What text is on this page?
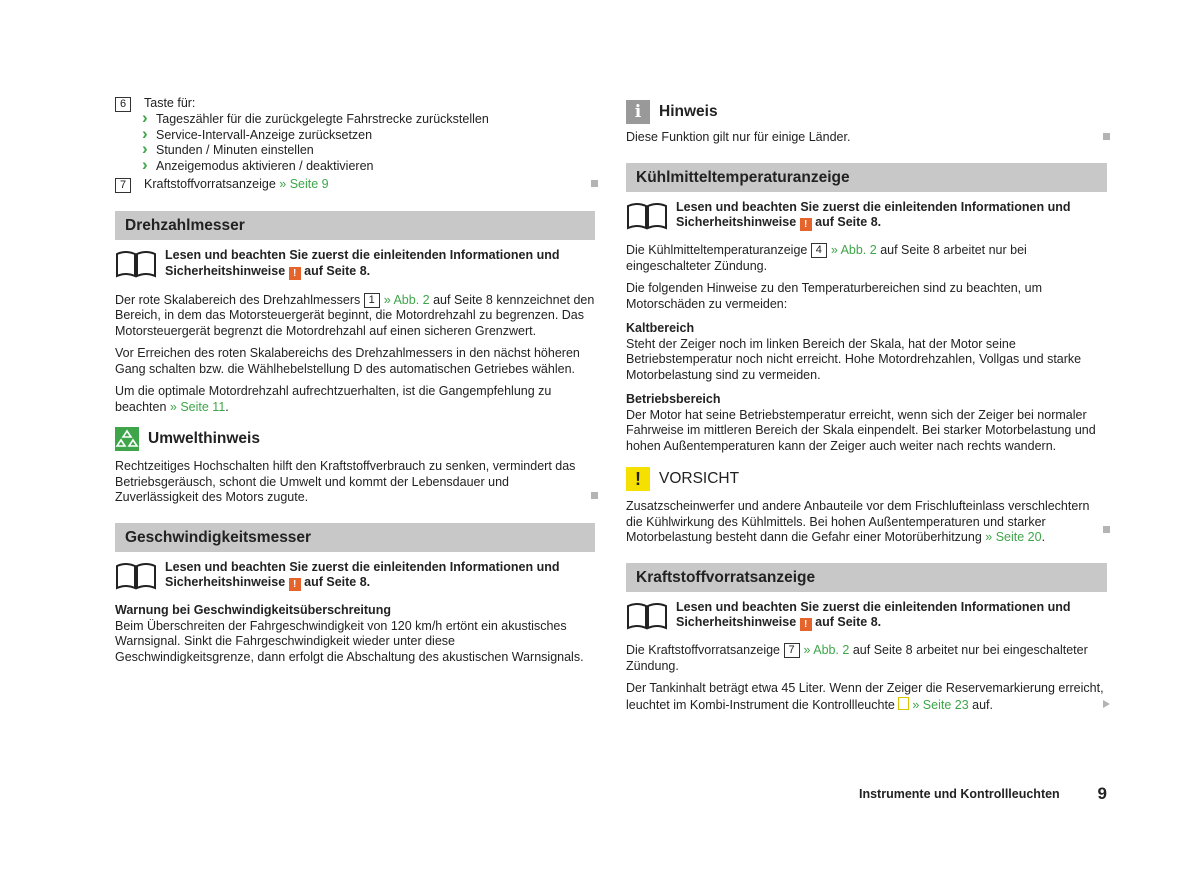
6	Taste für:
› Tageszähler für die zurückgelegte Fahrstrecke zurückstellen
› Service-Intervall-Anzeige zurücksetzen
› Stunden / Minuten einstellen
› Anzeigemodus aktivieren / deaktivieren
7	Kraftstoffvorratsanzeige » Seite 9
Drehzahlmesser
Lesen und beachten Sie zuerst die einleitenden Informationen und Sicherheitshinweise ! auf Seite 8.

Der rote Skalabereich des Drehzahlmessers 1 » Abb. 2 auf Seite 8 kennzeichnet den Bereich, in dem das Motorsteuergerät beginnt, die Motordrehzahl zu begrenzen. Das Motorsteuergerät begrenzt die Motordrehzahl auf einen sicheren Grenzwert.

Vor Erreichen des roten Skalabereichs des Drehzahlmessers in den nächst höheren Gang schalten bzw. die Wählhebelstellung D des automatischen Getriebes wählen.

Um die optimale Motordrehzahl aufrechtzuerhalten, ist die Gangempfehlung zu beachten » Seite 11.

Umwelthinweis

Rechtzeitiges Hochschalten hilft den Kraftstoffverbrauch zu senken, vermindert das Betriebsgeräusch, schont die Umwelt und kommt der Lebensdauer und Zuverlässigkeit des Motors zugute.

Geschwindigkeitsmesser
Lesen und beachten Sie zuerst die einleitenden Informationen und Sicherheitshinweise ! auf Seite 8.

Warnung bei Geschwindigkeitsüberschreitung

Beim Überschreiten der Fahrgeschwindigkeit von 120 km/h ertönt ein akustisches Warnsignal. Sinkt die Fahrgeschwindigkeit wieder unter diese Geschwindigkeitsgrenze, dann erfolgt die Abschaltung des akustischen Warnsignals.

i	Hinweis

Diese Funktion gilt nur für einige Länder.

Kühlmitteltemperaturanzeige
Lesen und beachten Sie zuerst die einleitenden Informationen und Sicherheitshinweise ! auf Seite 8.

Die Kühlmitteltemperaturanzeige 4 » Abb. 2 auf Seite 8 arbeitet nur bei eingeschalteter Zündung.

Die folgenden Hinweise zu den Temperaturbereichen sind zu beachten, um Motorschäden zu vermeiden:

Kaltbereich

Steht der Zeiger noch im linken Bereich der Skala, hat der Motor seine Betriebstemperatur noch nicht erreicht. Hohe Motordrehzahlen, Vollgas und starke Motorbelastung sind zu vermeiden.

Betriebsbereich

Der Motor hat seine Betriebstemperatur erreicht, wenn sich der Zeiger bei normaler Fahrweise im mittleren Bereich der Skala einpendelt. Bei starker Motorbelastung und hohen Außentemperaturen kann der Zeiger auch weiter nach rechts wandern.

!	VORSICHT

Zusatzscheinwerfer und andere Anbauteile vor dem Frischlufteinlass verschlechtern die Kühlwirkung des Kühlmittels. Bei hohen Außentemperaturen und starker Motorbelastung besteht dann die Gefahr einer Motorüberhitzung » Seite 20.

Kraftstoffvorratsanzeige
Lesen und beachten Sie zuerst die einleitenden Informationen und Sicherheitshinweise ! auf Seite 8.

Die Kraftstoffvorratsanzeige 7 » Abb. 2 auf Seite 8 arbeitet nur bei eingeschalteter Zündung.

Der Tankinhalt beträgt etwa 45 Liter. Wenn der Zeiger die Reservemarkierung erreicht, leuchtet im Kombi-Instrument die Kontrollleuchte » Seite 23 auf.

Instrumente und Kontrollleuchten 9
